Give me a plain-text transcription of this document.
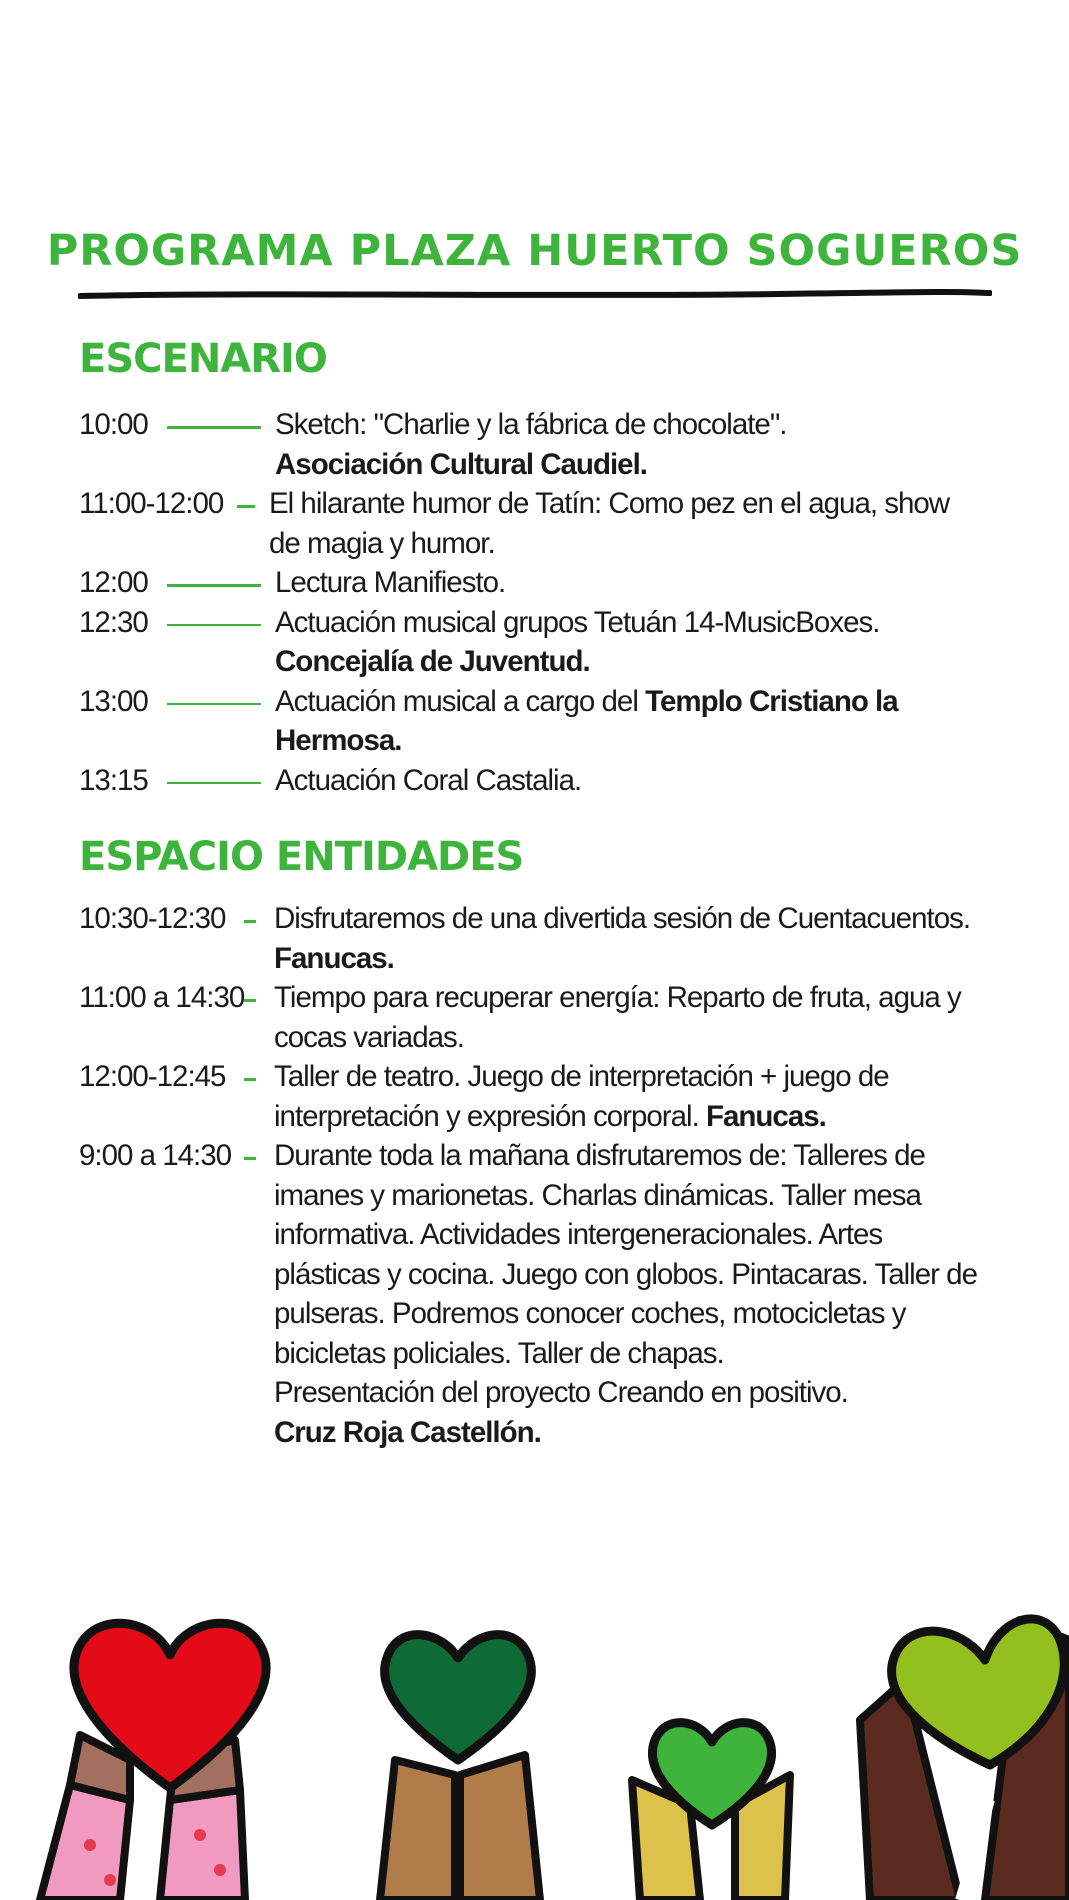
PROGRAMA PLAZA HUERTO SOGUEROS
ESCENARIO
10:00	Sketch: "Charlie y la fábrica de chocolate".
Asociación Cultural Caudiel.
11:00-12:00 El hilarante humor de Tatín: Como pez en el agua, show de magia y humor.
12:00	Lectura Manifiesto.
12:30	Actuación musical grupos Tetuán 14-MusicBoxes.
Concejalía de Juventud.
13:00	Actuación musical a cargo del Templo Cristiano la Hermosa.
13:15	Actuación Coral Castalia.
ESPACIO ENTIDADES
10:30-12:30	Disfrutaremos de una divertida sesión de Cuentacuentos. Fanucas.
11:00 a 14:30 Tiempo para recuperar energía: Reparto de fruta, agua y cocas variadas.
12:00-12:45	Taller de teatro. Juego de interpretación + juego de interpretación y expresión corporal. Fanucas.
9:00 a 14:30	Durante toda la mañana disfrutaremos de: Talleres de imanes y marionetas. Charlas dinámicas. Taller mesa informativa. Actividades intergeneracionales. Artes plásticas y cocina. Juego con globos. Pintacaras. Taller de pulseras. Podremos conocer coches, motocicletas y bicicletas policiales. Taller de chapas.
Presentación del proyecto Creando en positivo.
Cruz Roja Castellón.
